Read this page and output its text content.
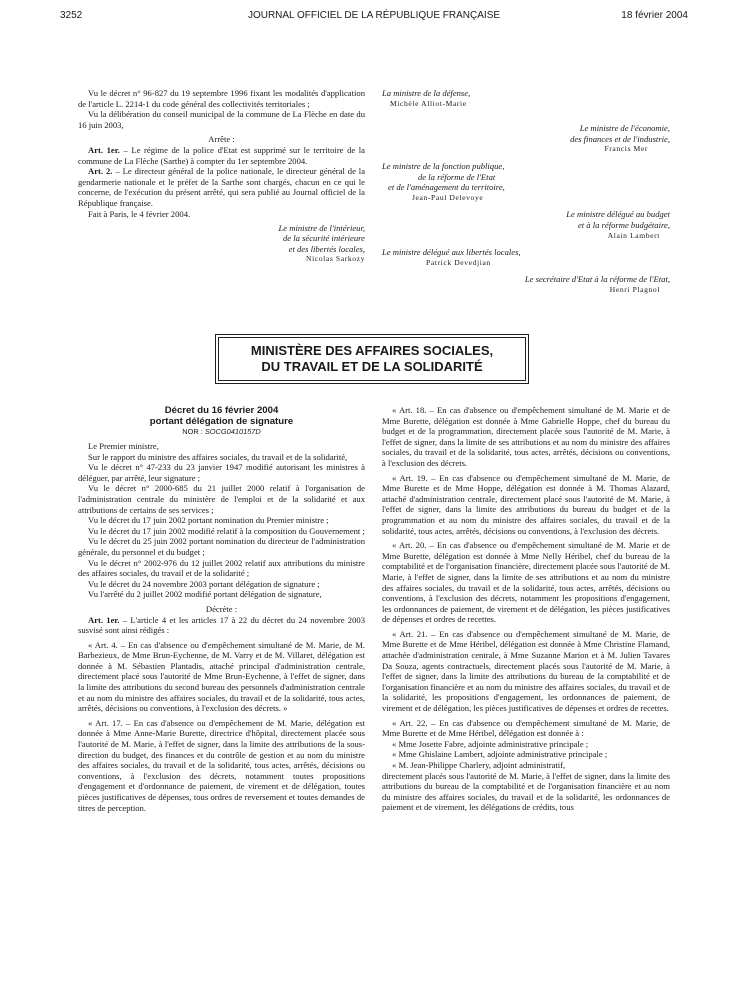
3252	JOURNAL OFFICIEL DE LA RÉPUBLIQUE FRANÇAISE	18 février 2004

Vu le décret n° 96-827 du 19 septembre 1996 fixant les modalités d'application de l'article L. 2214-1 du code général des collectivités territoriales ;

Vu la délibération du conseil municipal de la commune de La Flèche en date du 16 juin 2003,

Arrête :

Art. 1er. – Le régime de la police d'Etat est supprimé sur le territoire de la commune de La Flèche (Sarthe) à compter du 1er septembre 2004.

Art. 2. – Le directeur général de la police nationale, le directeur général de la gendarmerie nationale et le préfet de la Sarthe sont chargés, chacun en ce qui le concerne, de l'exécution du présent arrêté, qui sera publié au Journal officiel de la République française.

Fait à Paris, le 4 février 2004.

Le ministre de l'intérieur,
de la sécurité intérieure
et des libertés locales,
Nicolas Sarkozy
La ministre de la défense,
Michèle Alliot-Marie
Le ministre de l'économie,
des finances et de l'industrie,
Francis Mer
Le ministre de la fonction publique,
de la réforme de l'Etat
et de l'aménagement du territoire,
Jean-Paul Delevoye
Le ministre délégué au budget
et à la réforme budgétaire,
Alain Lambert
Le ministre délégué aux libertés locales,
Patrick Devedjian
Le secrétaire d'Etat à la réforme de l'Etat,
Henri Plagnol
MINISTÈRE DES AFFAIRES SOCIALES,
DU TRAVAIL ET DE LA SOLIDARITÉ
Décret du 16 février 2004
portant délégation de signature
NOR : SOCG0410157D

Le Premier ministre,

Sur le rapport du ministre des affaires sociales, du travail et de la solidarité,

Vu le décret n° 47-233 du 23 janvier 1947 modifié autorisant les ministres à déléguer, par arrêté, leur signature ;

Vu le décret n° 2000-685 du 21 juillet 2000 relatif à l'organisation de l'administration centrale du ministère de l'emploi et de la solidarité et aux attributions de certains de ses services ;

Vu le décret du 17 juin 2002 portant nomination du Premier ministre ;

Vu le décret du 17 juin 2002 modifié relatif à la composition du Gouvernement ;

Vu le décret du 25 juin 2002 portant nomination du directeur de l'administration générale, du personnel et du budget ;

Vu le décret n° 2002-976 du 12 juillet 2002 relatif aux attributions du ministre des affaires sociales, du travail et de la solidarité ;

Vu le décret du 24 novembre 2003 portant délégation de signature ;

Vu l'arrêté du 2 juillet 2002 modifié portant délégation de signature,

Décrète :

Art. 1er. – L'article 4 et les articles 17 à 22 du décret du 24 novembre 2003 susvisé sont ainsi rédigés :

« Art. 4. – En cas d'absence ou d'empêchement simultané de M. Marie, de M. Barbezieux, de Mme Brun-Eychenne, de M. Varry et de M. Villaret, délégation est donnée à M. Sébastien Plantadis, attaché principal d'administration centrale, directement placé sous l'autorité de Mme Brun-Eychenne, à l'effet de signer, dans la limite des attributions du second bureau des personnels d'administration centrale et au nom du ministre des affaires sociales, du travail et de la solidarité, tous actes, arrêtés, décisions ou conventions, à l'exclusion des décrets. »

« Art. 17. – En cas d'absence ou d'empêchement de M. Marie, délégation est donnée à Mme Anne-Marie Burette, directrice d'hôpital, directement placée sous l'autorité de M. Marie, à l'effet de signer, dans la limite des attributions de la sous-direction du budget, des finances et du contrôle de gestion et au nom du ministre des affaires sociales, du travail et de la solidarité, tous actes, arrêtés, décisions ou conventions, à l'exclusion des décrets, notamment toutes propositions d'engagement et d'ordonnance de paiement, de virement et de délégation, toutes pièces justificatives de dépenses, tous ordres de reversement et toutes demandes de titres de perception.

« Art. 18. – En cas d'absence ou d'empêchement simultané de M. Marie et de Mme Burette, délégation est donnée à Mme Gabrielle Hoppe, chef du bureau du budget et de la programmation, directement placée sous l'autorité de M. Marie, à l'effet de signer, dans la limite de ses attributions et au nom du ministre des affaires sociales, du travail et de la solidarité, tous actes, arrêtés, décisions ou conventions, à l'exclusion des décrets.

« Art. 19. – En cas d'absence ou d'empêchement simultané de M. Marie, de Mme Burette et de Mme Hoppe, délégation est donnée à M. Thomas Alazard, attaché d'administration centrale, directement placé sous l'autorité de M. Marie, à l'effet de signer, dans la limite des attributions du bureau du budget et de la programmation et au nom du ministre des affaires sociales, du travail et de la solidarité, tous actes, arrêtés, décisions ou conventions, à l'exclusion des décrets.

« Art. 20. – En cas d'absence ou d'empêchement simultané de M. Marie et de Mme Burette, délégation est donnée à Mme Nelly Héribel, chef du bureau de la comptabilité et de l'organisation financière, directement placée sous l'autorité de M. Marie, à l'effet de signer, dans la limite de ses attributions et au nom du ministre des affaires sociales, du travail et de la solidarité, tous actes, arrêtés, décisions ou conventions, à l'exclusion des décrets, notamment les propositions d'engagement, les ordonnances de paiement, de virement et de délégation, les pièces justificatives de dépenses et ordres de recettes.

« Art. 21. – En cas d'absence ou d'empêchement simultané de M. Marie, de Mme Burette et de Mme Héribel, délégation est donnée à Mme Christine Flamand, attachée d'administration centrale, à Mme Suzanne Marion et à M. Julien Tavares Da Souza, agents contractuels, directement placés sous l'autorité de M. Marie, à l'effet de signer, dans la limite des attributions du bureau de la comptabilité et de l'organisation financière et au nom du ministre des affaires sociales, du travail et de la solidarité, les propositions d'engagement, les ordonnances de paiement, de virement et de délégation, les pièces justificatives de dépenses et ordres de recettes.

« Art. 22. – En cas d'absence ou d'empêchement simultané de M. Marie, de Mme Burette et de Mme Héribel, délégation est donnée à :

« Mme Josette Fabre, adjointe administrative principale ;

« Mme Ghislaine Lambert, adjointe administrative principale ;

« M. Jean-Philippe Charlery, adjoint administratif,

directement placés sous l'autorité de M. Marie, à l'effet de signer, dans la limite des attributions du bureau de la comptabilité et de l'organisation financière et au nom du ministre des affaires sociales, du travail et de la solidarité, les ordonnances de paiement et de virement, les délégations de crédits, tous
